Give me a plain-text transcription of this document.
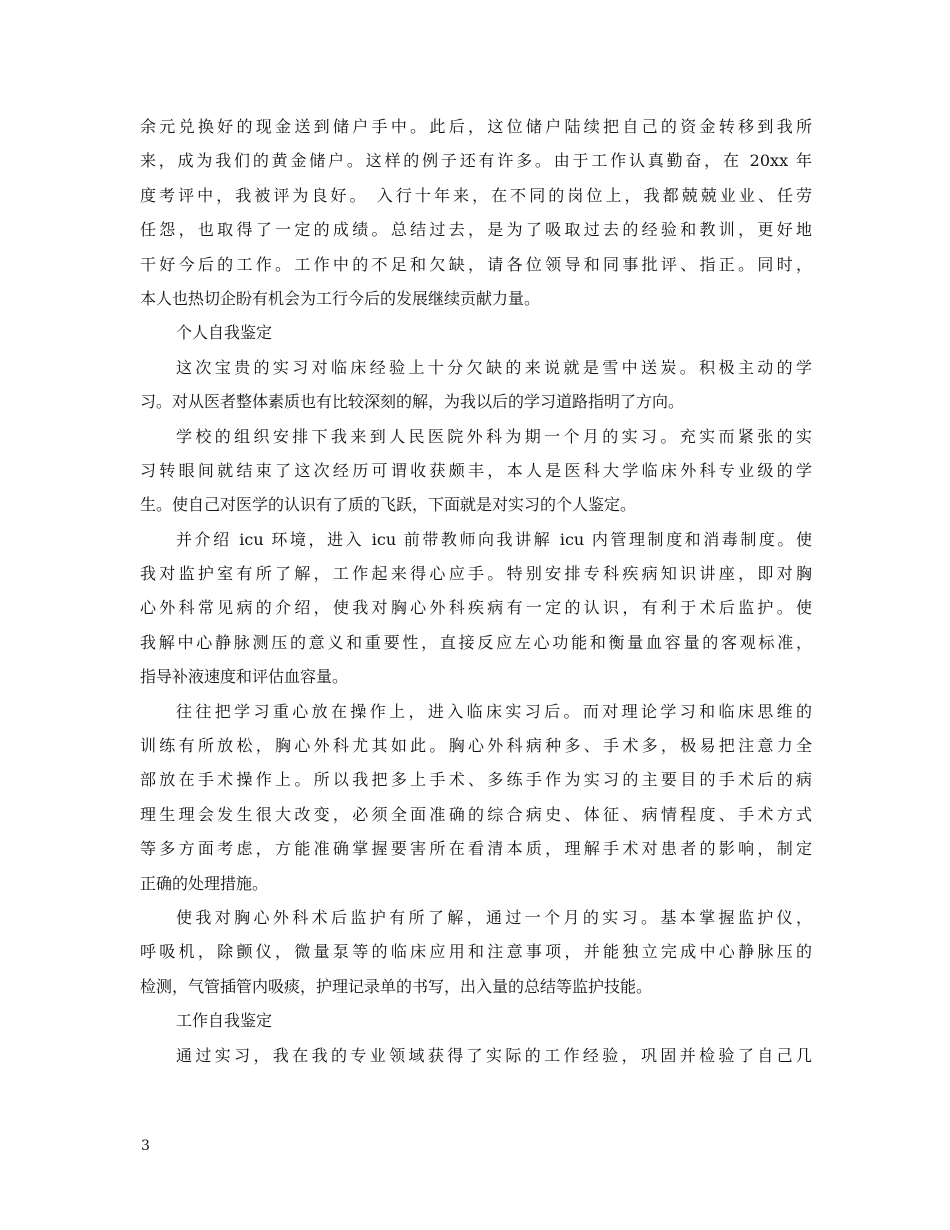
余元兑换好的现金送到储户手中。此后，这位储户陆续把自己的资金转移到我所
来，成为我们的黄金储户。这样的例子还有许多。由于工作认真勤奋，在 20xx 年
度考评中，我被评为良好。 入行十年来，在不同的岗位上，我都兢兢业业、任劳
任怨，也取得了一定的成绩。总结过去，是为了吸取过去的经验和教训，更好地
干好今后的工作。工作中的不足和欠缺，请各位领导和同事批评、指正。同时，
本人也热切企盼有机会为工行今后的发展继续贡献力量。
个人自我鉴定
这次宝贵的实习对临床经验上十分欠缺的来说就是雪中送炭。积极主动的学
习。对从医者整体素质也有比较深刻的解，为我以后的学习道路指明了方向。
学校的组织安排下我来到人民医院外科为期一个月的实习。充实而紧张的实
习转眼间就结束了这次经历可谓收获颇丰，本人是医科大学临床外科专业级的学
生。使自己对医学的认识有了质的飞跃，下面就是对实习的个人鉴定。
并介绍 icu 环境，进入 icu 前带教师向我讲解 icu 内管理制度和消毒制度。使
我对监护室有所了解，工作起来得心应手。特别安排专科疾病知识讲座，即对胸
心外科常见病的介绍，使我对胸心外科疾病有一定的认识，有利于术后监护。使
我解中心静脉测压的意义和重要性，直接反应左心功能和衡量血容量的客观标准，
指导补液速度和评估血容量。
往往把学习重心放在操作上，进入临床实习后。而对理论学习和临床思维的
训练有所放松，胸心外科尤其如此。胸心外科病种多、手术多，极易把注意力全
部放在手术操作上。所以我把多上手术、多练手作为实习的主要目的手术后的病
理生理会发生很大改变，必须全面准确的综合病史、体征、病情程度、手术方式
等多方面考虑，方能准确掌握要害所在看清本质，理解手术对患者的影响，制定
正确的处理措施。
使我对胸心外科术后监护有所了解，通过一个月的实习。基本掌握监护仪，
呼吸机，除颤仪，微量泵等的临床应用和注意事项，并能独立完成中心静脉压的
检测，气管插管内吸痰，护理记录单的书写，出入量的总结等监护技能。
工作自我鉴定
通过实习，我在我的专业领域获得了实际的工作经验，巩固并检验了自己几
3
